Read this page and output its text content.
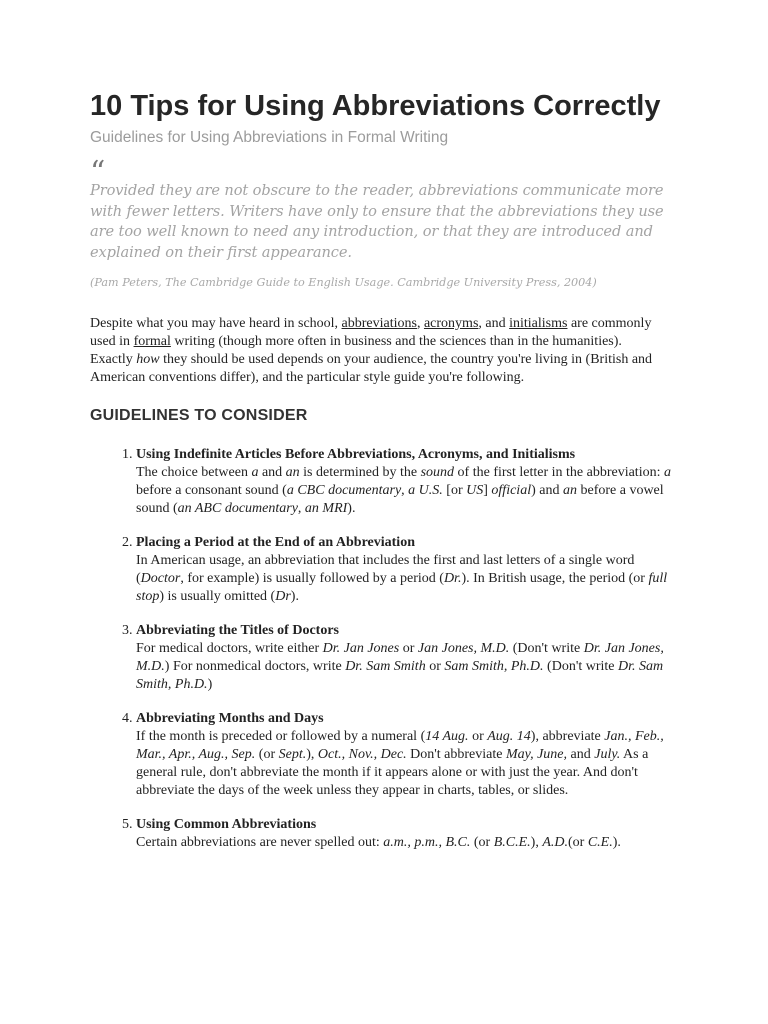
10 Tips for Using Abbreviations Correctly

Guidelines for Using Abbreviations in Formal Writing

“

Provided they are not obscure to the reader, abbreviations communicate more with fewer letters. Writers have only to ensure that the abbreviations they use are too well known to need any introduction, or that they are introduced and explained on their first appearance.

(Pam Peters, The Cambridge Guide to English Usage. Cambridge University Press, 2004)

Despite what you may have heard in school, abbreviations, acronyms, and initialisms are commonly used in formal writing (though more often in business and the sciences than in the humanities).

Exactly how they should be used depends on your audience, the country you're living in (British and American conventions differ), and the particular style guide you're following.

GUIDELINES TO CONSIDER
1. Using Indefinite Articles Before Abbreviations, Acronyms, and Initialisms
The choice between a and an is determined by the sound of the first letter in the abbreviation: a before a consonant sound (a CBC documentary, a U.S. [or US] official) and an before a vowel sound (an ABC documentary, an MRI).
2. Placing a Period at the End of an Abbreviation
In American usage, an abbreviation that includes the first and last letters of a single word (Doctor, for example) is usually followed by a period (Dr.). In British usage, the period (or full stop) is usually omitted (Dr).
3. Abbreviating the Titles of Doctors
For medical doctors, write either Dr. Jan Jones or Jan Jones, M.D. (Don't write Dr. Jan Jones, M.D.) For nonmedical doctors, write Dr. Sam Smith or Sam Smith, Ph.D. (Don't write Dr. Sam Smith, Ph.D.)
4. Abbreviating Months and Days
If the month is preceded or followed by a numeral (14 Aug. or Aug. 14), abbreviate Jan., Feb., Mar., Apr., Aug., Sep. (or Sept.), Oct., Nov., Dec. Don't abbreviate May, June, and July. As a general rule, don't abbreviate the month if it appears alone or with just the year. And don't abbreviate the days of the week unless they appear in charts, tables, or slides.
5. Using Common Abbreviations
Certain abbreviations are never spelled out: a.m., p.m., B.C. (or B.C.E.), A.D.(or C.E.).
